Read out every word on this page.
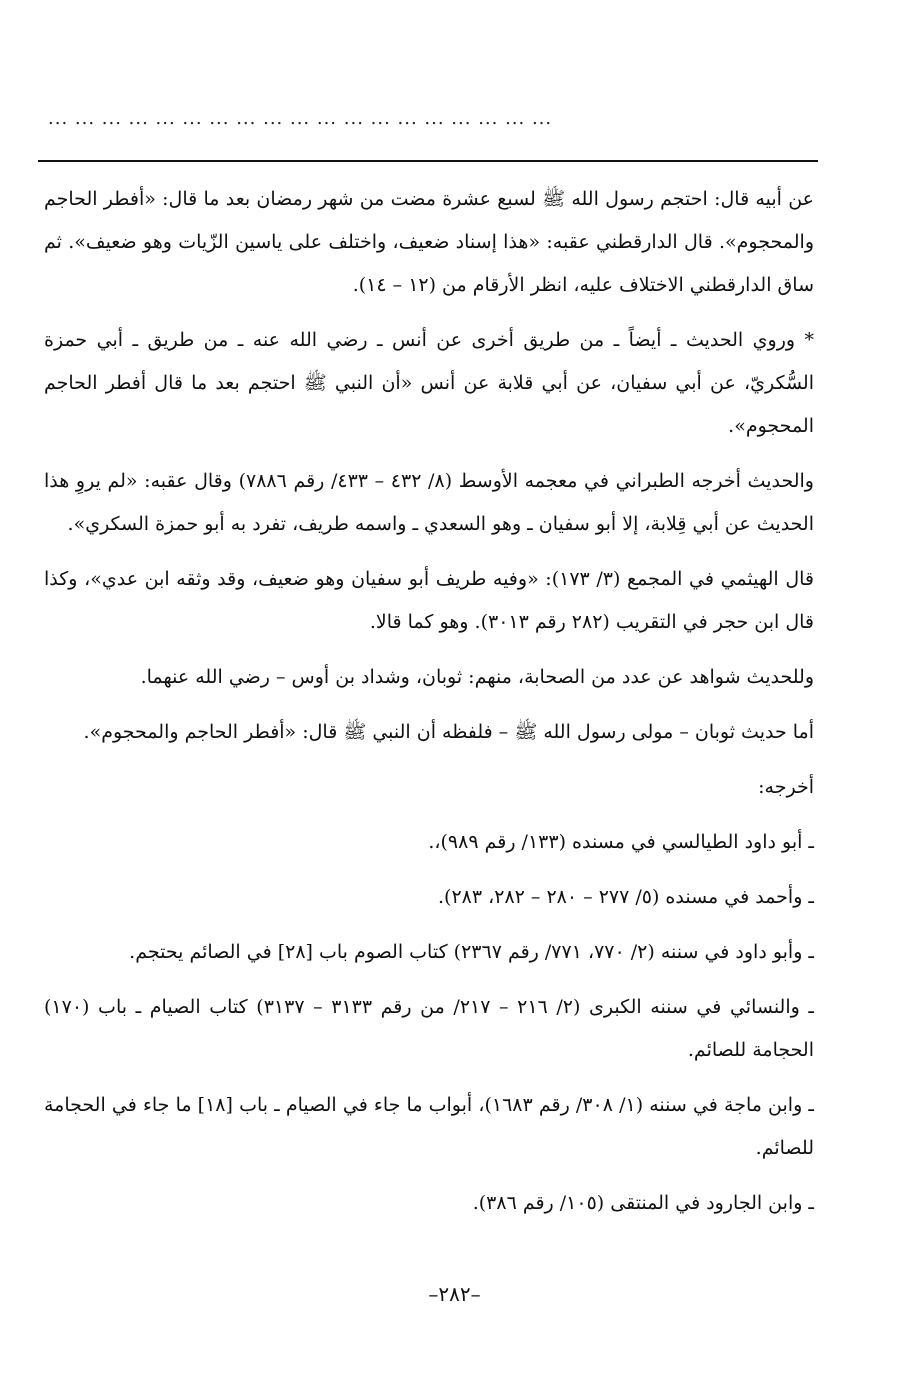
... ... ... ... ... ... ... ... ... ... ... ... ... ... ... ... ... ... ...

عن أبيه قال: احتجم رسول الله ﷺ لسبع عشرة مضت من شهر رمضان بعد ما قال: «أفطر الحاجم والمحجوم». قال الدارقطني عقبه: «هذا إسناد ضعيف، واختلف على ياسين الزّيات وهو ضعيف». ثم ساق الدارقطني الاختلاف عليه، انظر الأرقام من (١٢ – ١٤).

* وروي الحديث ـ أيضاً ـ من طريق أخرى عن أنس ـ رضي الله عنه ـ من طريق ـ أبي حمزة السُّكريّ، عن أبي سفيان، عن أبي قلابة عن أنس «أن النبي ﷺ احتجم بعد ما قال أفطر الحاجم المحجوم».

والحديث أخرجه الطبراني في معجمه الأوسط (٨/ ٤٣٢ – ٤٣٣/ رقم ٧٨٨٦) وقال عقبه: «لم يروِ هذا الحديث عن أبي قِلابة، إلا أبو سفيان ـ وهو السعدي ـ واسمه طريف، تفرد به أبو حمزة السكري».

قال الهيثمي في المجمع (٣/ ١٧٣): «وفيه طريف أبو سفيان وهو ضعيف، وقد وثقه ابن عدي»، وكذا قال ابن حجر في التقريب (٢٨٢ رقم ٣٠١٣). وهو كما قالا.

وللحديث شواهد عن عدد من الصحابة، منهم: ثوبان، وشداد بن أوس – رضي الله عنهما.

أما حديث ثوبان – مولى رسول الله ﷺ – فلفظه أن النبي ﷺ قال: «أفطر الحاجم والمحجوم».

أخرجه:

ـ أبو داود الطيالسي في مسنده (١٣٣/ رقم ٩٨٩)،.

ـ وأحمد في مسنده (٥/ ٢٧٧ – ٢٨٠ – ٢٨٢، ٢٨٣).

ـ وأبو داود في سننه (٢/ ٧٧٠، ٧٧١/ رقم ٢٣٦٧) كتاب الصوم باب [٢٨] في الصائم يحتجم.

ـ والنسائي في سننه الكبرى (٢/ ٢١٦ – ٢١٧/ من رقم ٣١٣٣ – ٣١٣٧) كتاب الصيام ـ باب (١٧٠) الحجامة للصائم.

ـ وابن ماجة في سننه (١/ ٣٠٨/ رقم ١٦٨٣)، أبواب ما جاء في الصيام ـ باب [١٨] ما جاء في الحجامة للصائم.

ـ وابن الجارود في المنتقى (١٠٥/ رقم ٣٨٦).

–٢٨٢–
